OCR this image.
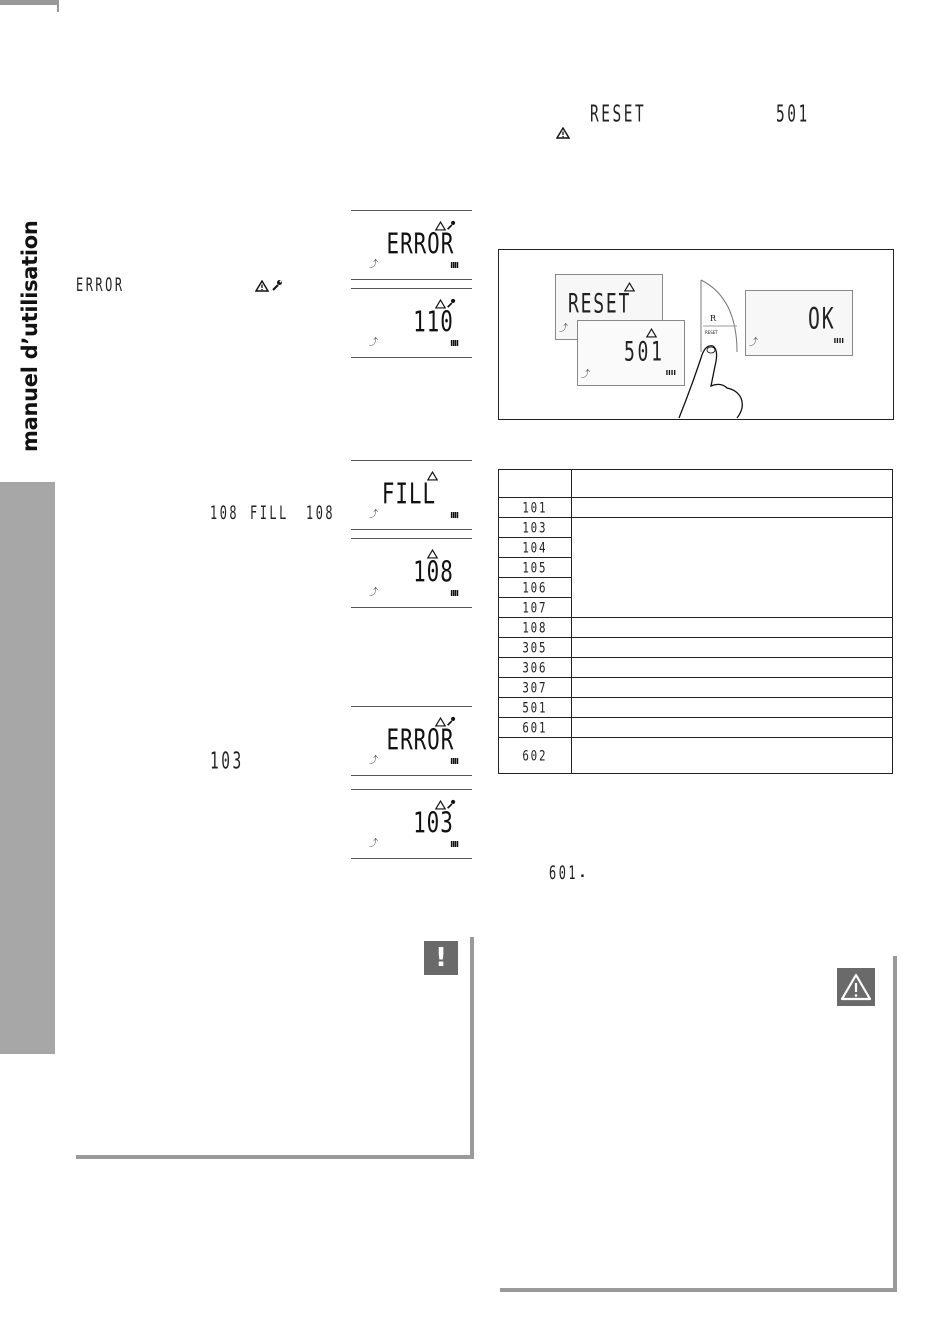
manuel d’utilisation
RESET	501
ERROR
108 FILL 108
103
ERROR
⤴	IIII
110
⤴	IIII
FILL
⤴	IIII
108
⤴	IIII
ERROR
⤴	IIII
103
⤴	IIII
RESET
⤴
501
⤴	IIII
R
RESET	OK
⤴	IIII

101	
103	
104	
105	
106	
107	
108	
305	
306	
307	
501	
601	
602	
601 .
!
